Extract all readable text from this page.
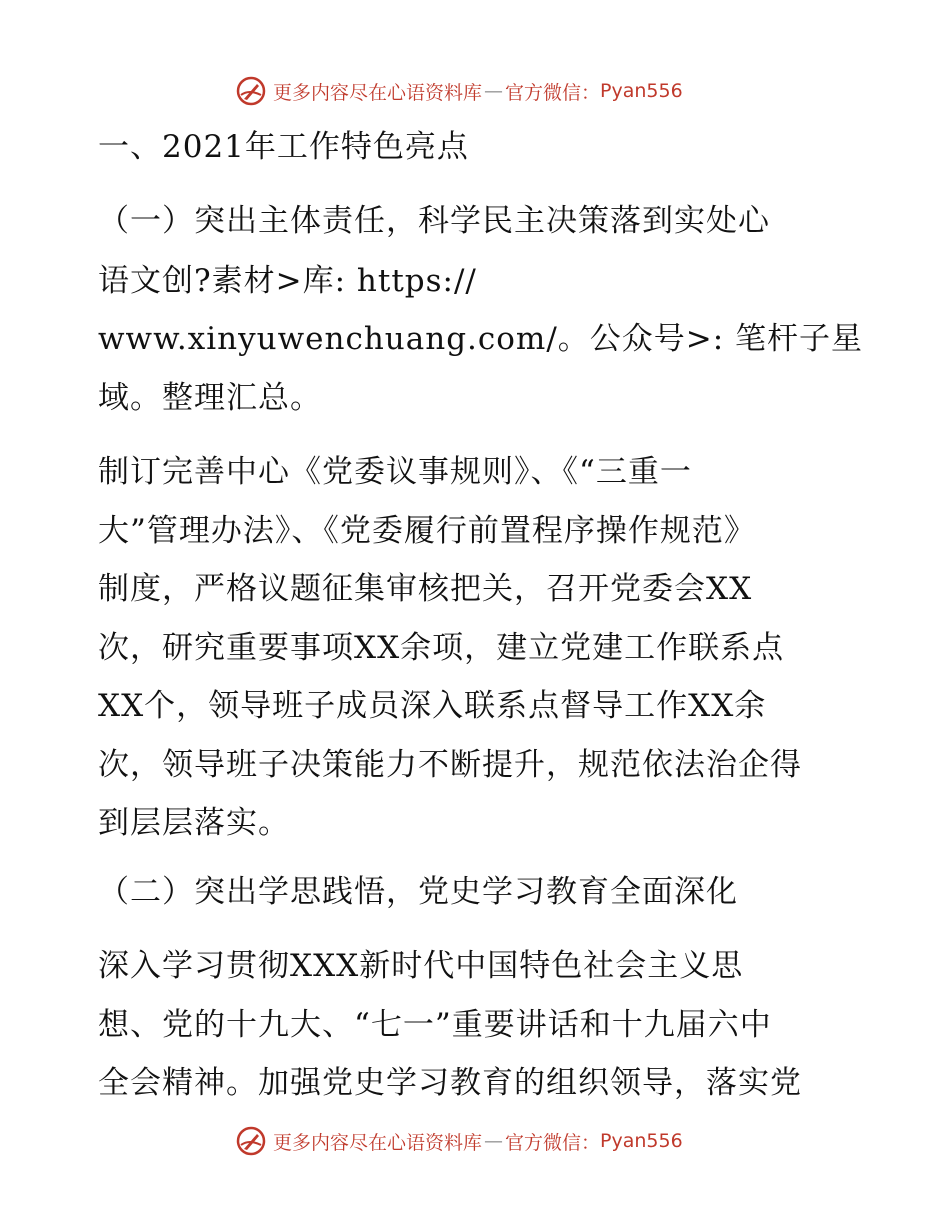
更多内容尽在心语资料库 — 官方微信： Pyan556
一、2021年工作特色亮点
（一）突出主体责任，科学民主决策落到实处心
语文创?素材>库: https://
www.xinyuwenchuang.com/。公众号>: 笔杆子星
域。整理汇总。
制订完善中心《党委议事规则》、《“三重一
大”管理办法》、《党委履行前置程序操作规范》
制度，严格议题征集审核把关，召开党委会XX
次，研究重要事项XX余项，建立党建工作联系点
XX个，领导班子成员深入联系点督导工作XX余
次，领导班子决策能力不断提升，规范依法治企得
到层层落实。
（二）突出学思践悟，党史学习教育全面深化
深入学习贯彻XXX新时代中国特色社会主义思
想、党的十九大、“七一”重要讲话和十九届六中
全会精神。加强党史学习教育的组织领导，落实党
更多内容尽在心语资料库 — 官方微信： Pyan556
